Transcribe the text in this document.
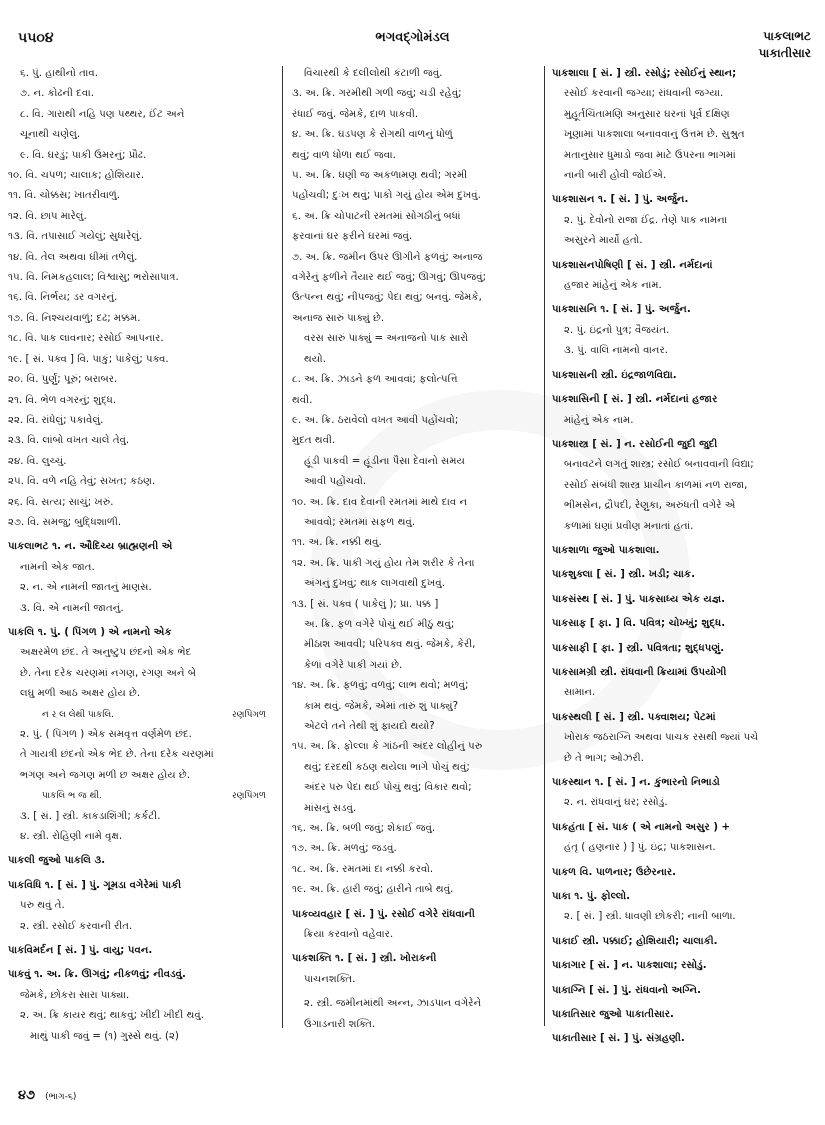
૫૫૦૪	ભગવદ્ગોમંડલ	પાકલાભટ
પાકાતીસાર
૬. પું. હાથીનો તાવ.
૭. ન. કોઢની દવા.
૮. વિ. ગારાથી નહિ પણ પથ્થર, ઈંટ અને
ચૂનાથી ચણેલું.
૯. વિ. ઘરડું; પાકી ઉમરનું; પ્રૌઢ.
૧૦. વિ. ચપળ; ચાલાક; હોશિયાર.
૧૧. વિ. ચોક્કસ; ખાતરીવાળું.
૧૨. વિ. છાપ મારેલું.
૧૩. વિ. તપાસાઈ ગયેલું; સુધારેલું.
૧૪. વિ. તેલ અથવા ઘીમાં તળેલું.
૧૫. વિ. નિમકહલાલ; વિશ્વાસુ; ભરોસાપાત્ર.
૧૬. વિ. નિર્ભય; ડર વગરનું.
૧૭. વિ. નિશ્ચયવાળું; દઢ; મક્કમ.
૧૮. વિ. પાક લાવનાર; રસોઈ આપનાર.
૧૯. [ સં. પક્વ ] વિ. પાકું; પાકેલું; પક્વ.
૨૦. વિ. પુર્ણું; પૂરું; બરાબર.
૨૧. વિ. ભેળ વગરનું; શુદ્ધ.
૨૨. વિ. રાંધેલું; પકાવેલું.
૨૩. વિ. લાંબો વખત ચાલે તેવું.
૨૪. વિ. લુચ્ચું.
૨૫. વિ. વળે નહિ તેવું; સખત; કઠણ.
૨૬. વિ. સત્ય; સાચું; ખરું.
૨૭. વિ. સમજુ; બુદ્ધિશાળી.
પાકલાભટ ૧. ન. ઔદિચ્ય બ્રાહ્મણની એ
નામની એક જાત.
૨. ન. એ નામની જાતનું માણસ.
૩. વિ. એ નામની જાતનું.
પાકલિ ૧. પું. ( પિંગળ ) એ નામનો એક
અક્ષરમેળ છંદ. તે અનુષ્ટુપ છંદનો એક ભેદ
છે. તેના દરેક ચરણમાં નગણ, રગણ અને બે
લઘુ મળી આઠ અક્ષર હોય છે.
ન ર લ લેથી પાકલિ.	રણપિંગળ
૨. પું. ( પિંગળ ) એક સમવૃત્ત વર્ણમેળ છંદ.
તે ગાયત્રી છંદનો એક ભેદ છે. તેના દરેક ચરણમાં
ભગણ અને જગણ મળી છ અક્ષર હોય છે.
પાકલિ ભ જ થી.	રણપિંગળ
૩. [ સં. ] સ્ત્રી. કાકડાશિંગી; કર્કટી.
૪. સ્ત્રી. રોહિણી નામે વૃક્ષ.
પાકલી જુઓ પાકલિ ૩.
પાકવિધિ ૧. [ સં. ] પું. ગૂમડા વગેરેમાં પાકી
પરુ થવું તે.
૨. સ્ત્રી. રસોઈ કરવાની રીત.
પાકવિમર્દન [ સં. ] પું. વાયુ; પવન.
પાકવું ૧. અ. ક્રિ. ઊગવું; નીકળવું; નીવડવું.
જેમકે, છોકરા સારા પાક્યા.
૨. અ. ક્રિ કાયર થવું; થાકવું; ખીદી ખીદી થવું.
માથું પાકી જવું = (૧) ગુસ્સે થવું. (૨)
વિચારથી કે દલીલોથી કંટાળી જવું.
૩. અ. ક્રિ. ગરમીથી ગળી જવું; ચડી રહેવું;
રંધાઈ જવું. જેમકે, દાળ પાકવી.
૪. અ. ક્રિ. ઘડપણ કે રોગથી વાળનું ધોળું
થવું; વાળ ધોળા થઈ જવા.
૫. અ. ક્રિ. ઘણી જ અકળામણ થવી; ગરમી
પહોંચવી; દુઃખ થવું; પાકો ગયું હોય એમ દુખવું.
૬. અ. ક્રિ ચોપાટની રમતમાં સોગઠીનું બધાં
ફરવાનાં ઘર ફરીને ઘરમાં જવું.
૭. અ. ક્રિ. જમીન ઉપર ઊગીને ફળવું; અનાજ
વગેરેનું ફળીને તૈયાર થઈ જવું; ઊગવું; ઊપજવું;
ઉત્પન્ન થવું; નીપજવું; પેદા થવું; બનવું. જેમકે,
અનાજ સારું પાક્યું છે.
વરસ સારું પાક્યું = અનાજનો પાક સારો
થયો.
૮. અ. ક્રિ. ઝાડને ફળ આવવાં; ફલોત્પત્તિ
થવી.
૯. અ. ક્રિ. ઠરાવેલો વખત આવી પહોંચવો;
મુદત થવી.
હૂંડી પાકવી = હૂંડીના પૈસા દેવાનો સમય
આવી પહોંચવો.
૧૦. અ. ક્રિ. દાવ દેવાની રમતમાં માથે દાવ ન
આવવો; રમતમાં સફળ થવું.
૧૧. અ. ક્રિ. નક્કી થવું.
૧૨. અ. ક્રિ. પાકી ગયું હોય તેમ શરીર કે તેના
અંગનું દુખવું; થાક લાગવાથી દુખવું.
૧૩. [ સં. પક્વ ( પાકેલું ); પ્રા. પક્ક ]
અ. ક્રિ. ફળ વગેરે પોચું થઈ મીઠું થવું;
મીઠાશ આવવી; પરિપક્વ થવું. જેમકે, કેરી,
કેળાં વગેરે પાકી ગયાં છે.
૧૪. અ. ક્રિ. ફળવું; વળવું; લાભ થવો; મળવું;
કામ થવું. જેમકે, એમાં તારું શું પાક્યું?
એટલે તને તેથી શું ફાયદો થયો?
૧૫. અ. ક્રિ. ફોલ્લા કે ગાંઠની અંદર લોહીનું પરુ
થવું; દરદથી કઠણ થયેલા ભાગે પોચું થવું;
અંદર પરુ પેદા થઈ પોચું થવું; વિકાર થવો;
માંસનું સડવું.
૧૬. અ. ક્રિ. બળી જવું; શેકાઈ જવું.
૧૭. અ. ક્રિ. મળવું; જડવું.
૧૮. અ. ક્રિ. રમતમાં દા નક્કી કરવો.
૧૯. અ. ક્રિ. હારી જવું; હારીને તાબે થવું.
પાકવ્યવહાર [ સં. ] પું. રસોઈ વગેરે રાંધવાની
ક્રિયા કરવાનો વહેવાર.
પાકશક્તિ ૧. [ સં. ] સ્ત્રી. ખોરાકની
પાચનશક્તિ.
૨. સ્ત્રી. જમીનમાંથી અન્ન, ઝાડપાન વગેરેને
ઉગાડનારી શક્તિ.
પાકશાલા [ સં. ] સ્ત્રી. રસોડું; રસોઈનું સ્થાન;
રસોઈ કરવાની જગ્યા; રાંધવાની જગ્યા.
મુહૂર્તચિંતામણિ અનુસાર ઘરનાં પૂર્વ દક્ષિણ
ખૂણામાં પાકશાલા બનાવવાનું ઉત્તમ છે. સુશ્રુત
મતાનુસાર ધુમાડો જવા માટે ઉપરના ભાગમાં
નાની બારી હોવી જોઈએ.
પાકશાસન ૧. [ સં. ] પું. અર્જુન.
૨. પું. દેવોનો રાજા ઈંદ્ર. તેણે પાક નામના
અસુરને માર્યો હતો.
પાકશાસનપોષિણી [ સં. ] સ્ત્રી. નર્મદાનાં
હજાર માંહેનું એક નામ.
પાકશાસનિ ૧. [ સં. ] પું. અર્જુન.
૨. પું. ઇંદ્રનો પુત્ર; વૈજયંત.
૩. પું. વાલિ નામનો વાનર.
પાકશાસની સ્ત્રી. ઇંદ્રજાળવિદ્યા.
પાકશાસિની [ સં. ] સ્ત્રી. નર્મદાનાં હજાર
માંહેનું એક નામ.
પાકશાસ્ત્ર [ સં. ] ન. રસોઈની જુદી જુદી
બનાવટને લગતું શાસ્ત્ર; રસોઈ બનાવવાની વિદ્યા;
રસોઈ સંબંધી શાસ્ત્ર પ્રાચીન કાળમાં નળ રાજા,
ભીમસેન, દ્રૌપદી, રેણુકા, અરુંધતી વગેરે એ
કળામાં ઘણાં પ્રવીણ મનાતાં હતાં.
પાકશાળા જુઓ પાકશાલા.
પાકશુક્લા [ સં. ] સ્ત્રી. ખડી; ચાક.
પાકસંસ્થ [ સં. ] પું. પાકસાધ્ય એક યજ્ઞ.
પાકસાફ [ ફા. ] વિ. પવિત્ર; ચોખ્ખું; શુદ્ધ.
પાકસાફી [ ફા. ] સ્ત્રી. પવિત્રતા; શુદ્ધપણું.
પાકસામગ્રી સ્ત્રી. રાંધવાની ક્રિયામાં ઉપયોગી
સામાન.
પાકસ્થલી [ સં. ] સ્ત્રી. પક્વાશય; પેટમાં
ખોરાક જઠરાગ્નિ અથવા પાચક રસથી જ્યાં પચે
છે તે ભાગ; ઓઝરી.
પાકસ્થાન ૧. [ સં. ] ન. કુંભારનો નિભાડો
૨. ન. રાંધવાનું ઘર; રસોડું.
પાકહંતા [ સં. પાક ( એ નામનો અસુર ) +
હંતૃ ( હણનાર ) ] પું. ઇંદ્ર; પાકશાસન.
પાકળ વિ. પાળનાર; ઉછેરનાર.
પાકા ૧. પું. ફોલ્લો.
૨. [ સં. ] સ્ત્રી. ધાવણી છોકરી; નાની બાળા.
પાકાઈ સ્ત્રી. પક્કાઈ; હોશિયારી; ચાલાકી.
પાકાગાર [ સં. ] ન. પાકશાલા; રસોડું.
પાકાગ્નિ [ સં. ] પું. રાંધવાનો અગ્નિ.
પાકાતિસાર જુઓ પાકાતીસાર.
પાકાતીસાર [ સં. ] પું. સંગ્રહણી.
૪૭ (ભાગ-૬)
